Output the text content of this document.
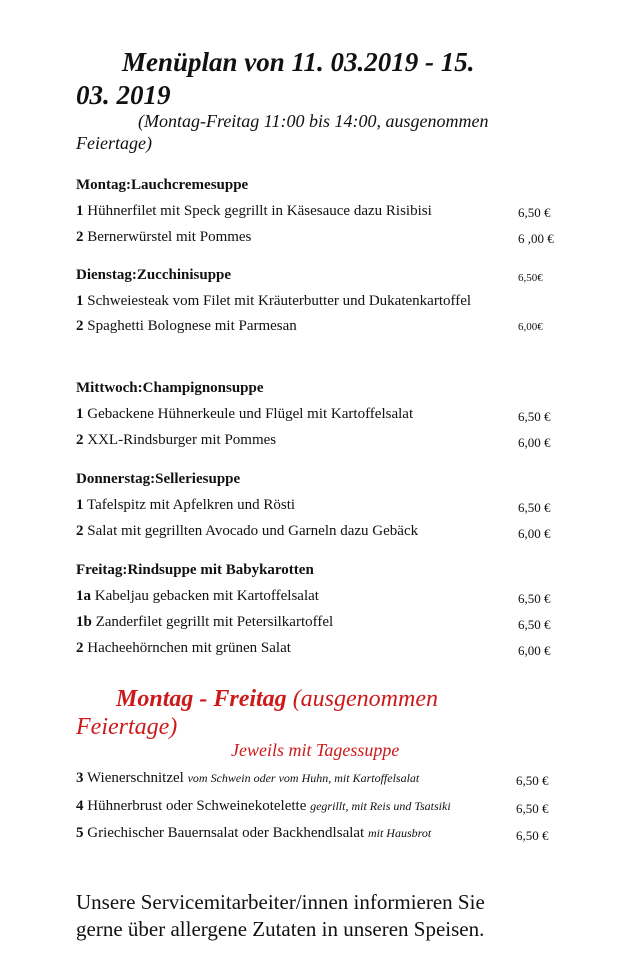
Menüplan von 11. 03.2019 - 15.
03. 2019
(Montag-Freitag 11:00 bis 14:00, ausgenommen
Feiertage)
Montag:Lauchcremesuppe
1 Hühnerfilet mit Speck gegrillt in Käsesauce dazu Risibisi	6,50 €
2 Bernerwürstel mit Pommes	6 ,00 €
Dienstag:Zucchinisuppe	6,50€
1 Schweiesteak vom Filet mit Kräuterbutter und Dukatenkartoffel
2 Spaghetti Bolognese mit Parmesan	6,00€
Mittwoch:Champignonsuppe
1 Gebackene Hühnerkeule und Flügel mit Kartoffelsalat	6,50 €
2 XXL-Rindsburger mit Pommes	6,00 €
Donnerstag:Selleriesuppe
1 Tafelspitz mit Apfelkren und Rösti	6,50 €
2 Salat mit gegrillten Avocado und Garneln dazu Gebäck	6,00 €
Freitag:Rindsuppe mit Babykarotten
1a Kabeljau gebacken mit Kartoffelsalat	6,50 €
1b Zanderfilet gegrillt mit Petersilkartoffel	6,50 €
2 Hacheehörnchen mit grünen Salat	6,00 €
Montag - Freitag (ausgenommen
Feiertage)
Jeweils mit Tagessuppe
3 Wienerschnitzel vom Schwein oder vom Huhn, mit Kartoffelsalat	6,50 €
4 Hühnerbrust oder Schweinekotelette gegrillt, mit Reis und Tsatsiki	6,50 €
5 Griechischer Bauernsalat oder Backhendlsalat mit Hausbrot	6,50 €
Unsere Servicemitarbeiter/innen informieren Sie
gerne über allergene Zutaten in unseren Speisen.
